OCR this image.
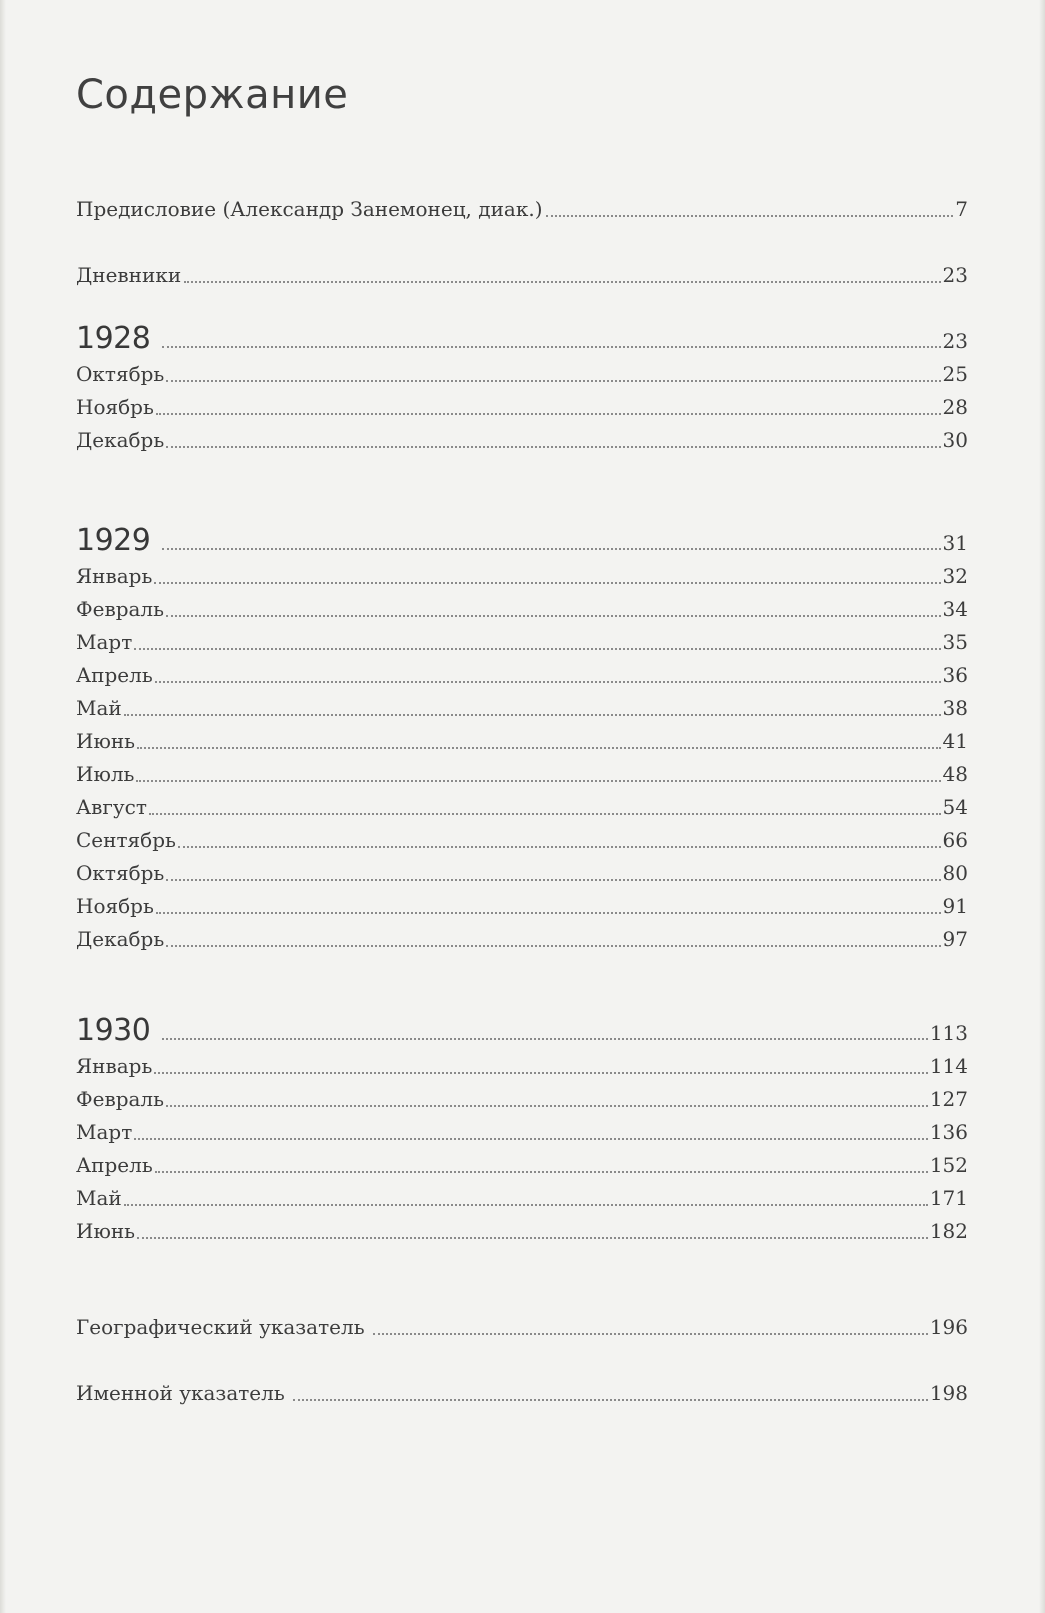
Содержание
Предисловие (Александр Занемонец, диак.)	7
Дневники	23
1928	23
Октябрь	25
Ноябрь	28
Декабрь	30
1929	31
Январь	32
Февраль	34
Март	35
Апрель	36
Май	38
Июнь	41
Июль	48
Август	54
Сентябрь	66
Октябрь	80
Ноябрь	91
Декабрь	97
1930	113
Январь	114
Февраль	127
Март	136
Апрель	152
Май	171
Июнь	182
Географический указатель	196
Именной указатель	198
